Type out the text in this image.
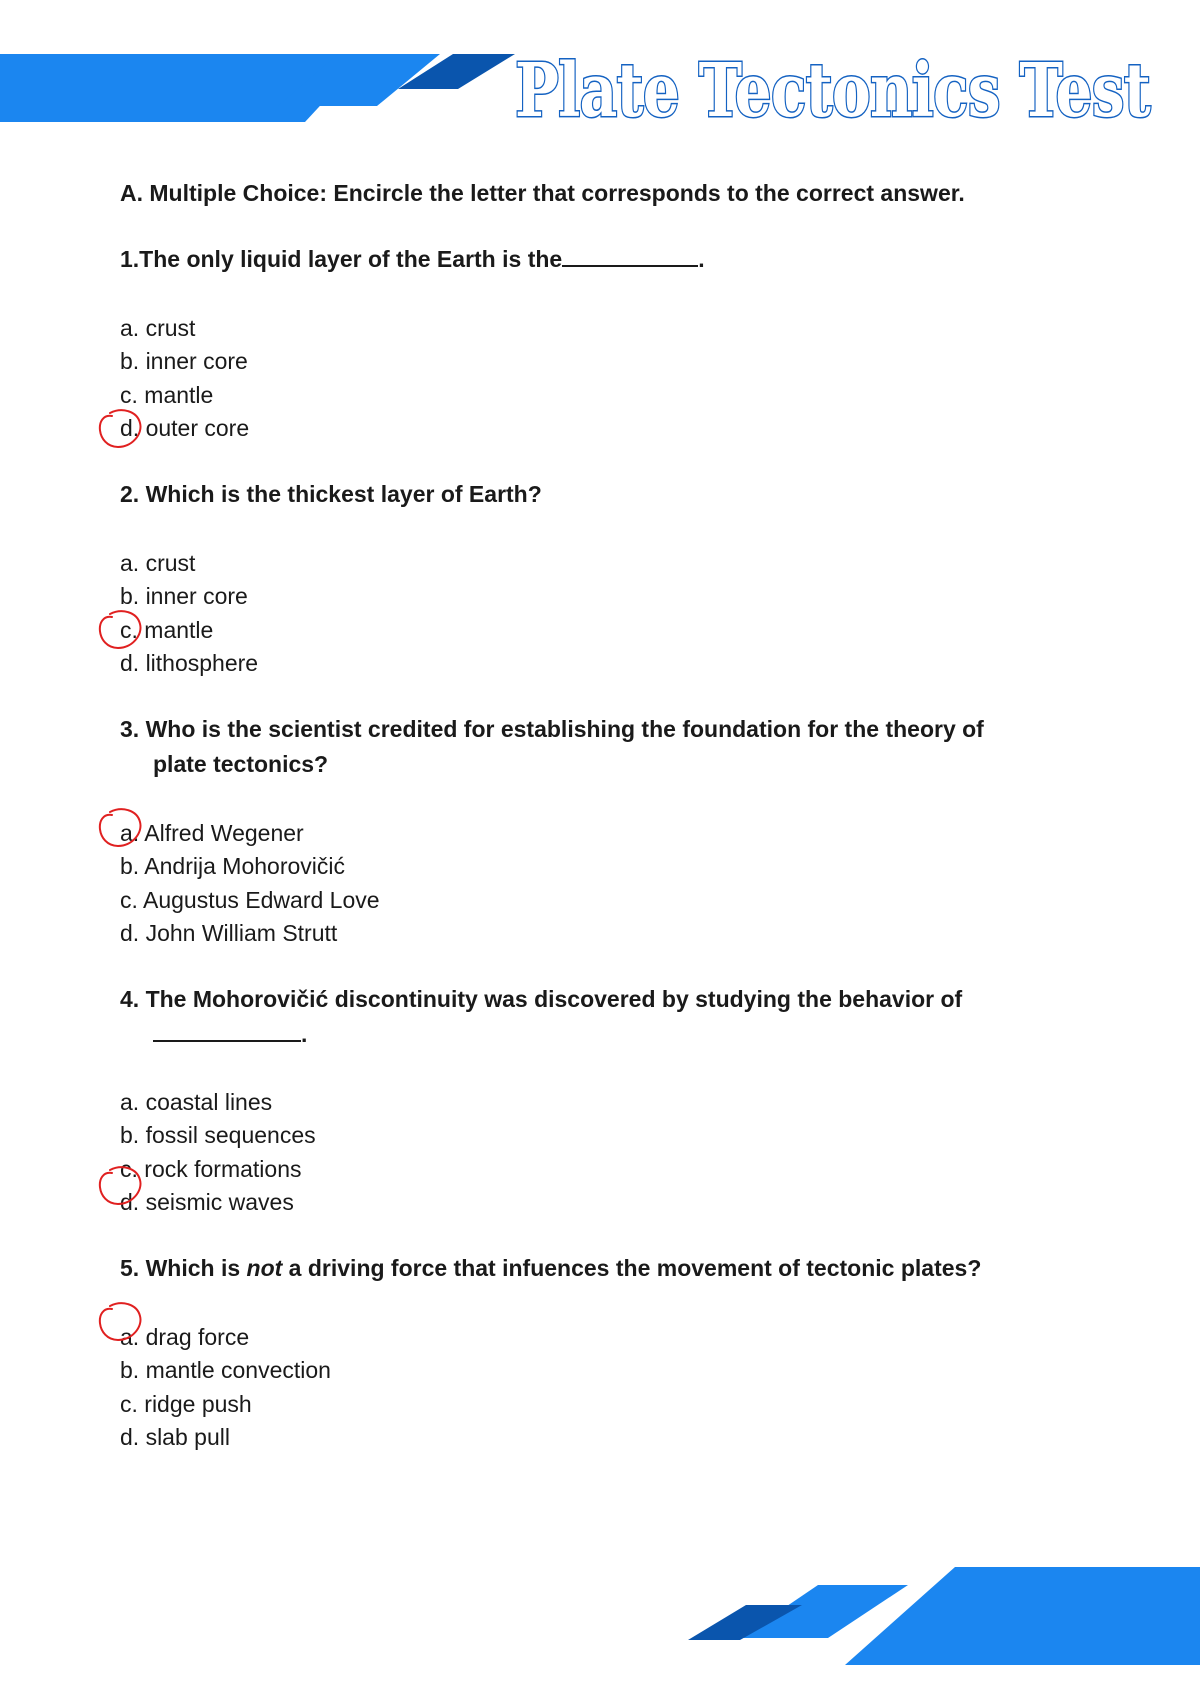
Plate Tectonics Test

A. Multiple Choice: Encircle the letter that corresponds to the correct answer.

1.The only liquid layer of the Earth is the	.

a. crust
b. inner core
c. mantle
d. outer core

2. Which is the thickest layer of Earth?

a. crust
b. inner core
c. mantle
d. lithosphere

3. Who is the scientist credited for establishing the foundation for the theory of
plate tectonics?

a. Alfred Wegener
b. Andrija Mohorovičić
c. Augustus Edward Love
d. John William Strutt

4. The Mohorovičić discontinuity was discovered by studying the behavior of
.

a. coastal lines
b. fossil sequences
c. rock formations
d. seismic waves

5. Which is not a driving force that infuences the movement of tectonic plates?

a. drag force
b. mantle convection
c. ridge push
d. slab pull
